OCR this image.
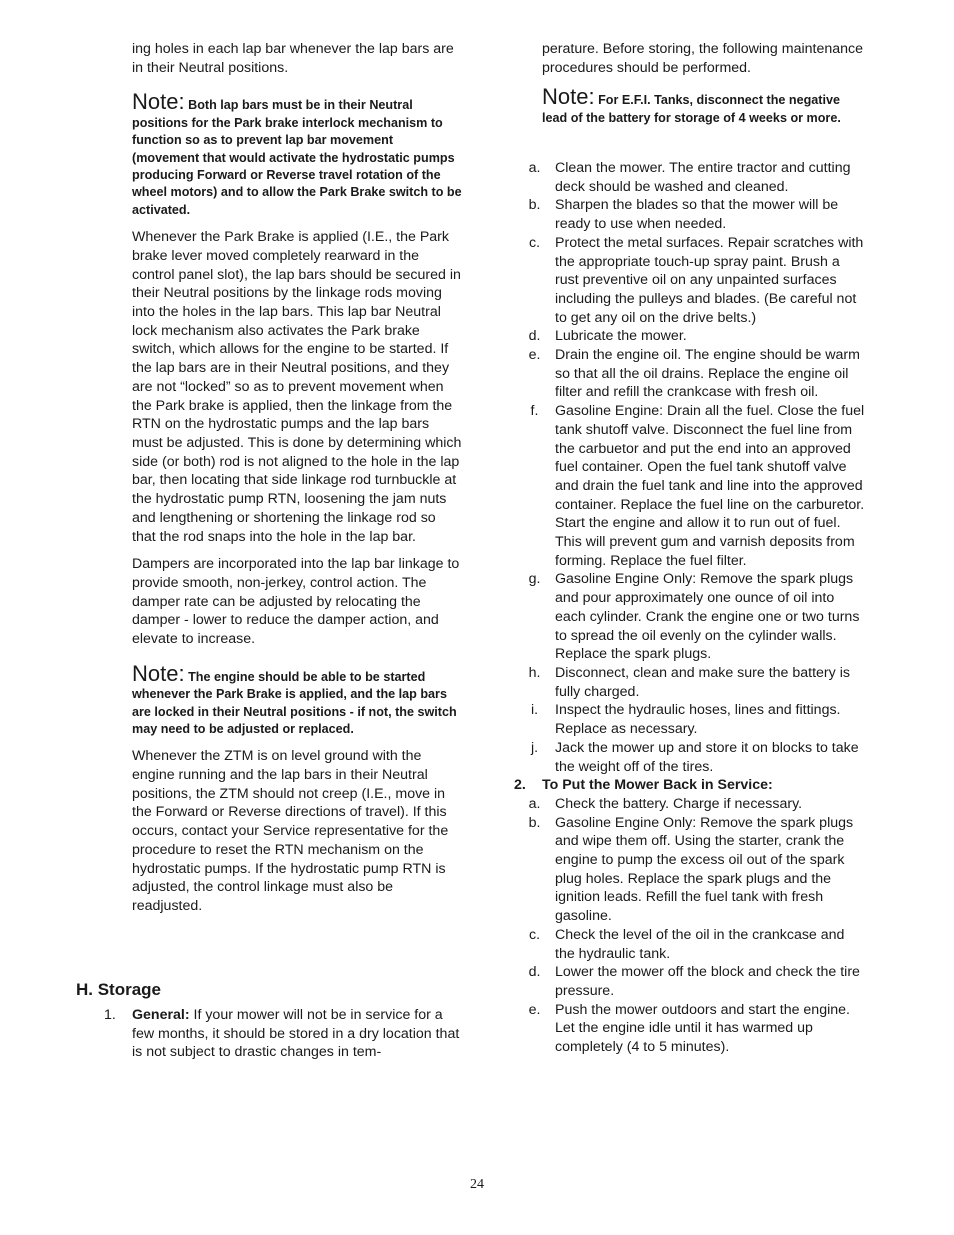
ing holes in each lap bar whenever the lap bars are in their Neutral positions.

Note: Both lap bars must be in their Neutral positions for the Park brake interlock mechanism to function so as to prevent lap bar movement (movement that would activate the hydrostatic pumps producing Forward or Reverse travel rotation of the wheel motors) and to allow the Park Brake switch to be activated.

Whenever the Park Brake is applied (I.E., the Park brake lever moved completely rearward in the control panel slot), the lap bars should be secured in their Neutral positions by the linkage rods moving into the holes in the lap bars. This lap bar Neutral lock mechanism also activates the Park brake switch, which allows for the engine to be started. If the lap bars are in their Neutral positions, and they are not “locked” so as to prevent movement when the Park brake is applied, then the linkage from the RTN on the hydrostatic pumps and the lap bars must be adjusted. This is done by determining which side (or both) rod is not aligned to the hole in the lap bar, then locating that side linkage rod turnbuckle at the hydrostatic pump RTN, loosening the jam nuts and lengthening or shortening the linkage rod so that the rod snaps into the hole in the lap bar.

Dampers are incorporated into the lap bar linkage to provide smooth, non-jerkey, control action. The damper rate can be adjusted by relocating the damper - lower to reduce the damper action, and elevate to increase.

Note: The engine should be able to be started whenever the Park Brake is applied, and the lap bars are locked in their Neutral positions - if not, the switch may need to be adjusted or replaced.

Whenever the ZTM is on level ground with the engine running and the lap bars in their Neutral positions, the ZTM should not creep (I.E., move in the Forward or Reverse directions of travel). If this occurs, contact your Service representative for the procedure to reset the RTN mechanism on the hydrostatic pumps. If the hydrostatic pump RTN is adjusted, the control linkage must also be readjusted.

H. Storage
1.	General: If your mower will not be in service for a few months, it should be stored in a dry location that is not subject to drastic changes in tem-

perature. Before storing, the following maintenance procedures should be performed.

Note: For E.F.I. Tanks, disconnect the negative lead of the battery for storage of 4 weeks or more.
a.	Clean the mower. The entire tractor and cutting deck should be washed and cleaned.
b.	Sharpen the blades so that the mower will be ready to use when needed.
c.	Protect the metal surfaces. Repair scratches with the appropriate touch-up spray paint. Brush a rust preventive oil on any unpainted surfaces including the pulleys and blades. (Be careful not to get any oil on the drive belts.)
d.	Lubricate the mower.
e.	Drain the engine oil. The engine should be warm so that all the oil drains. Replace the engine oil filter and refill the crankcase with fresh oil.
f.	Gasoline Engine: Drain all the fuel. Close the fuel tank shutoff valve. Disconnect the fuel line from the carbuetor and put the end into an approved fuel container. Open the fuel tank shutoff valve and drain the fuel tank and line into the approved container. Replace the fuel line on the carburetor. Start the engine and allow it to run out of fuel. This will prevent gum and varnish deposits from forming. Replace the fuel filter.
g.	Gasoline Engine Only: Remove the spark plugs and pour approximately one ounce of oil into each cylinder. Crank the engine one or two turns to spread the oil evenly on the cylinder walls. Replace the spark plugs.
h.	Disconnect, clean and make sure the battery is fully charged.
i.	Inspect the hydraulic hoses, lines and fittings. Replace as necessary.
j.	Jack the mower up and store it on blocks to take the weight off of the tires.
2.	To Put the Mower Back in Service:
a.	Check the battery. Charge if necessary.
b.	Gasoline Engine Only: Remove the spark plugs and wipe them off. Using the starter, crank the engine to pump the excess oil out of the spark plug holes. Replace the spark plugs and the ignition leads. Refill the fuel tank with fresh gasoline.
c.	Check the level of the oil in the crankcase and the hydraulic tank.
d.	Lower the mower off the block and check the tire pressure.
e.	Push the mower outdoors and start the engine. Let the engine idle until it has warmed up completely (4 to 5 minutes).
24
